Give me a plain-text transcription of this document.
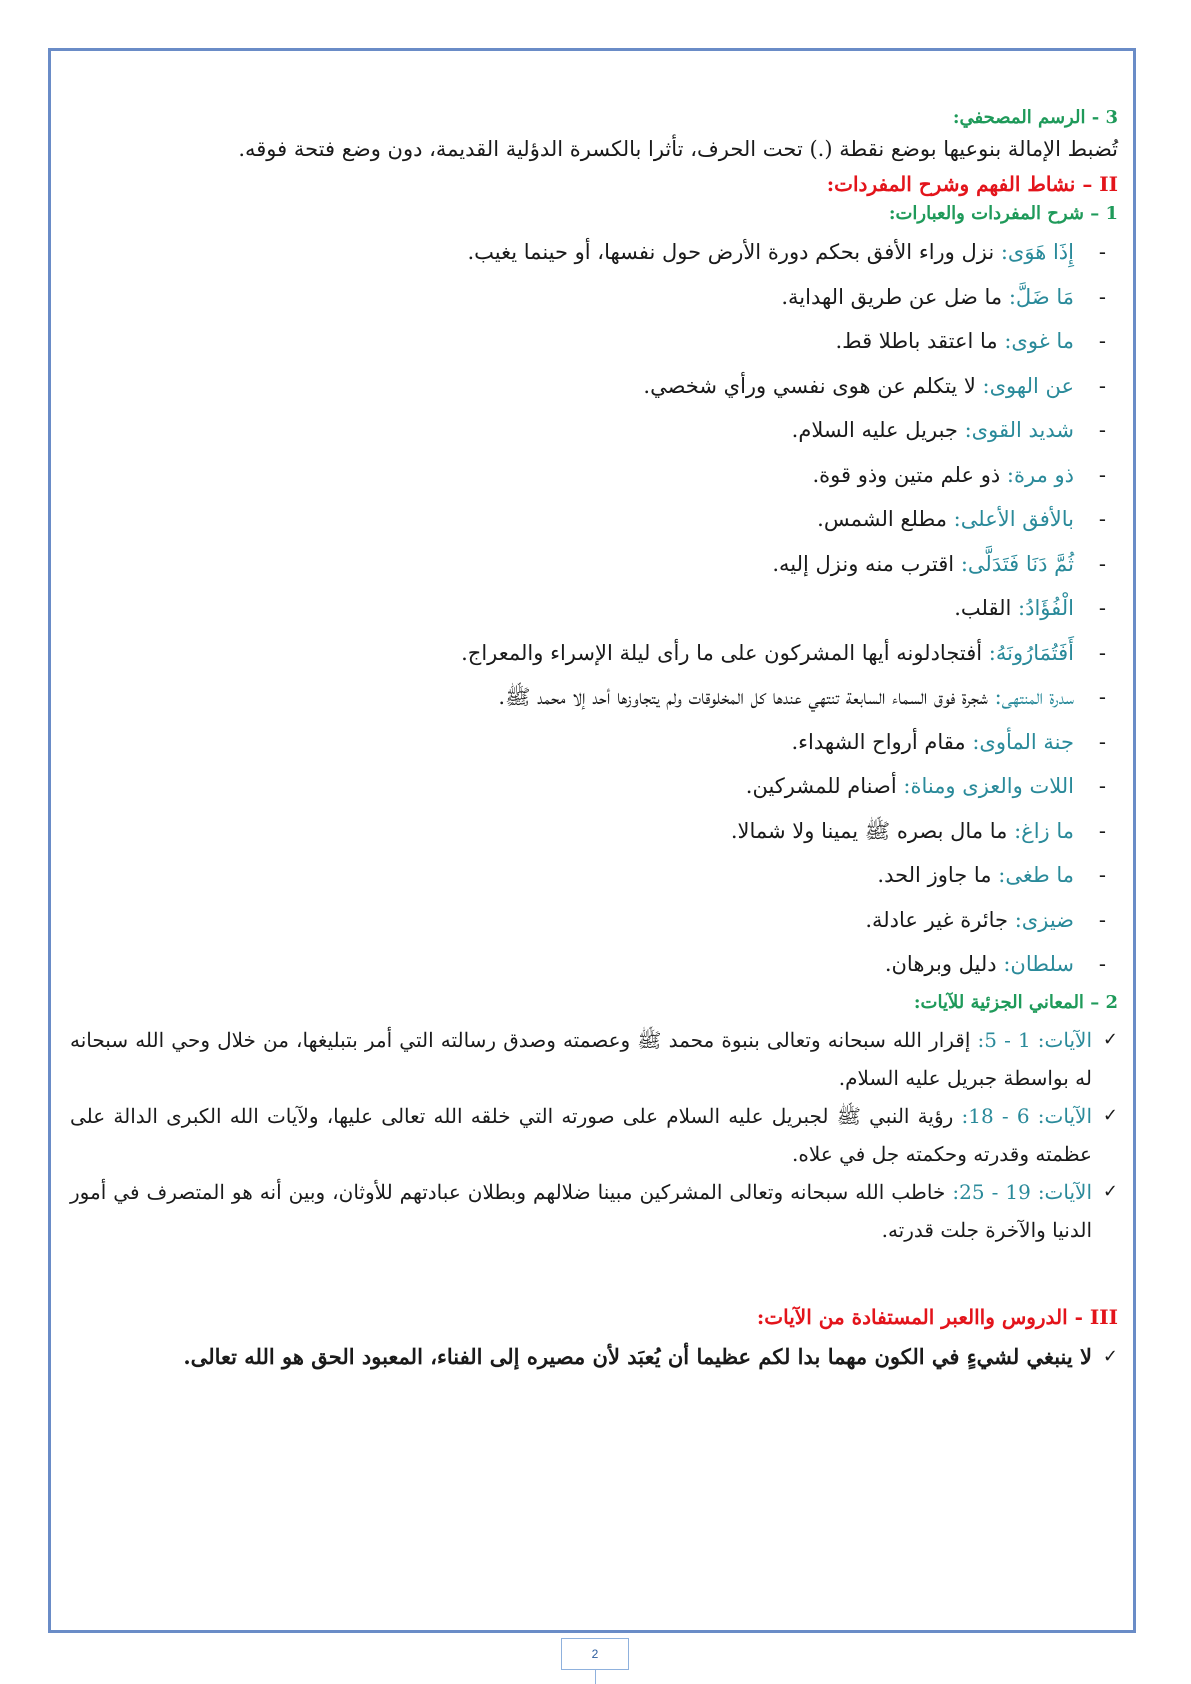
3 - الرسم المصحفي:

تُضبط الإمالة بنوعيها بوضع نقطة (.) تحت الحرف، تأثرا بالكسرة الدؤلية القديمة، دون وضع فتحة فوقه.

II – نشاط الفهم وشرح المفردات:

1 – شرح المفردات والعبارات:

-
إِذَا هَوَى: نزل وراء الأفق بحكم دورة الأرض حول نفسها، أو حينما يغيب.
-
مَا ضَلَّ: ما ضل عن طريق الهداية.
-
ما غوى: ما اعتقد باطلا قط.
-
عن الهوى: لا يتكلم عن هوى نفسي ورأي شخصي.
-
شديد القوى: جبريل عليه السلام.
-
ذو مرة: ذو علم متين وذو قوة.
-
بالأفق الأعلى: مطلع الشمس.
-
ثُمَّ دَنَا فَتَدَلَّى: اقترب منه ونزل إليه.
-
الْفُؤَادُ: القلب.
-
أَفَتُمَارُونَهُ: أفتجادلونه أيها المشركون على ما رأى ليلة الإسراء والمعراج.
-
سدرة المنتهى: شجرة فوق السماء السابعة تنتهي عندها كل المخلوقات ولم يتجاوزها أحد إلا محمد ﷺ.
-
جنة المأوى: مقام أرواح الشهداء.
-
اللات والعزى ومناة: أصنام للمشركين.
-
ما زاغ: ما مال بصره ﷺ يمينا ولا شمالا.
-
ما طغى: ما جاوز الحد.
-
ضيزى: جائرة غير عادلة.
-
سلطان: دليل وبرهان.

2 – المعاني الجزئية للآيات:

✓
الآيات: 1 - 5: إقرار الله سبحانه وتعالى بنبوة محمد ﷺ وعصمته وصدق رسالته التي أمر بتبليغها، من خلال وحي الله سبحانه له بواسطة جبريل عليه السلام.
✓
الآيات: 6 - 18: رؤية النبي ﷺ لجبريل عليه السلام على صورته التي خلقه الله تعالى عليها، ولآيات الله الكبرى الدالة على عظمته وقدرته وحكمته جل في علاه.
✓
الآيات: 19 - 25: خاطب الله سبحانه وتعالى المشركين مبينا ضلالهم وبطلان عبادتهم للأوثان، وبين أنه هو المتصرف في أمور الدنيا والآخرة جلت قدرته.

III - الدروس واالعبر المستفادة من الآيات:

✓
لا ينبغي لشيءٍ في الكون مهما بدا لكم عظيما أن يُعبَد لأن مصيره إلى الفناء، المعبود الحق هو الله تعالى.

2
